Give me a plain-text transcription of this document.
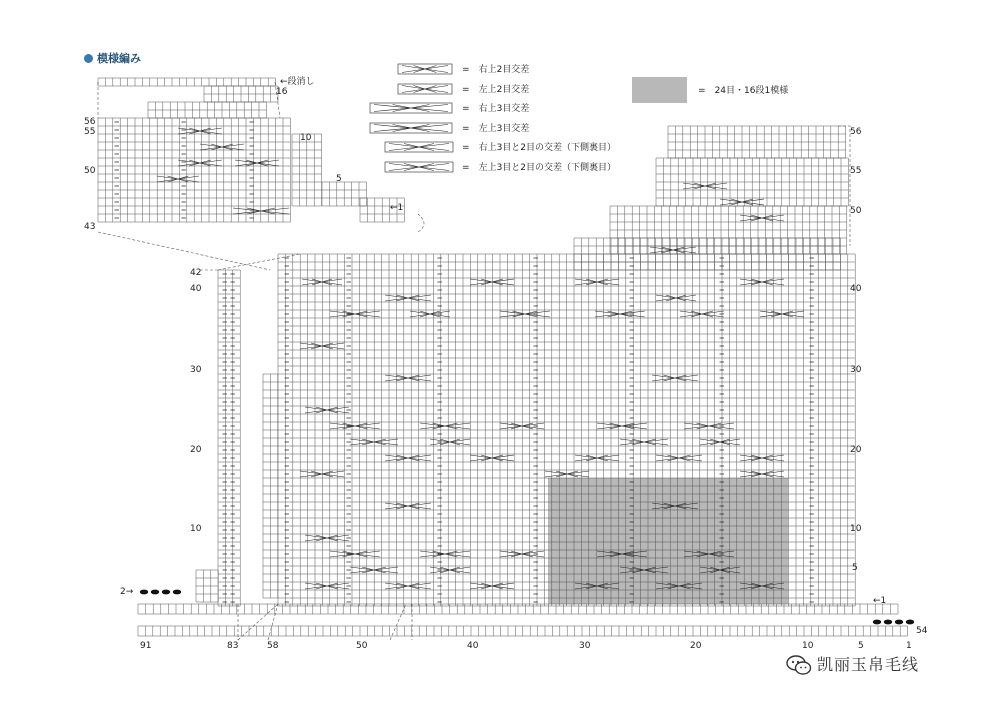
模様編み
=　 右上2目交差
=　 左上2目交差
=　 右上3目交差
=　 左上3目交差
=　 右上3目と2目の交差（下側裏目）
=　 左上3目と2目の交差（下側裏目）
=　 24目・16段1模様
←段消し
16
10
5
←1
56
55
50
43
42
40
30
20
10
2→
56
55
50
40
30
20
10
5
←1
54
91	83	58	50	40	30	20	10	5	1
凯丽玉帛毛线
